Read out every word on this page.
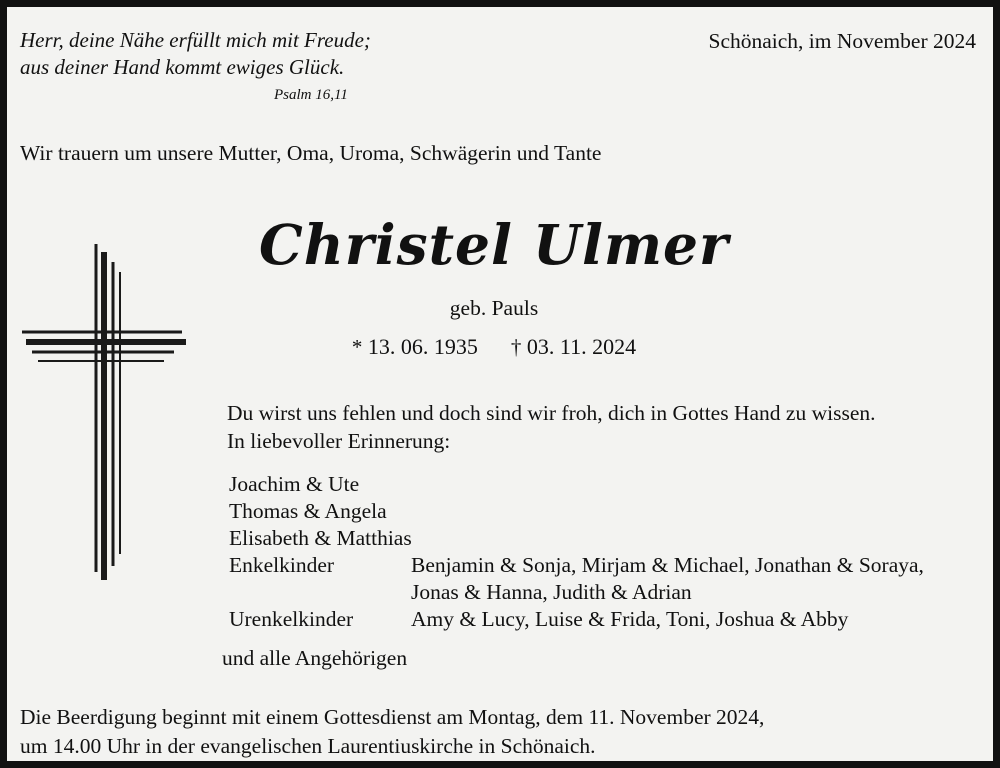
Herr, deine Nähe erfüllt mich mit Freude;
aus deiner Hand kommt ewiges Glück.
Psalm 16,11
Schönaich, im November 2024
Wir trauern um unsere Mutter, Oma, Uroma, Schwägerin und Tante
Christel Ulmer
geb. Pauls
* 13. 06. 1935 † 03. 11. 2024
Du wirst uns fehlen und doch sind wir froh, dich in Gottes Hand zu wissen.
In liebevoller Erinnerung:
Joachim & Ute
Thomas & Angela
Elisabeth & Matthias
Enkelkinder	Benjamin & Sonja, Mirjam & Michael, Jonathan & Soraya,
Jonas & Hanna, Judith & Adrian
Urenkelkinder	Amy & Lucy, Luise & Frida, Toni, Joshua & Abby
und alle Angehörigen
Die Beerdigung beginnt mit einem Gottesdienst am Montag, dem 11. November 2024,
um 14.00 Uhr in der evangelischen Laurentiuskirche in Schönaich.
